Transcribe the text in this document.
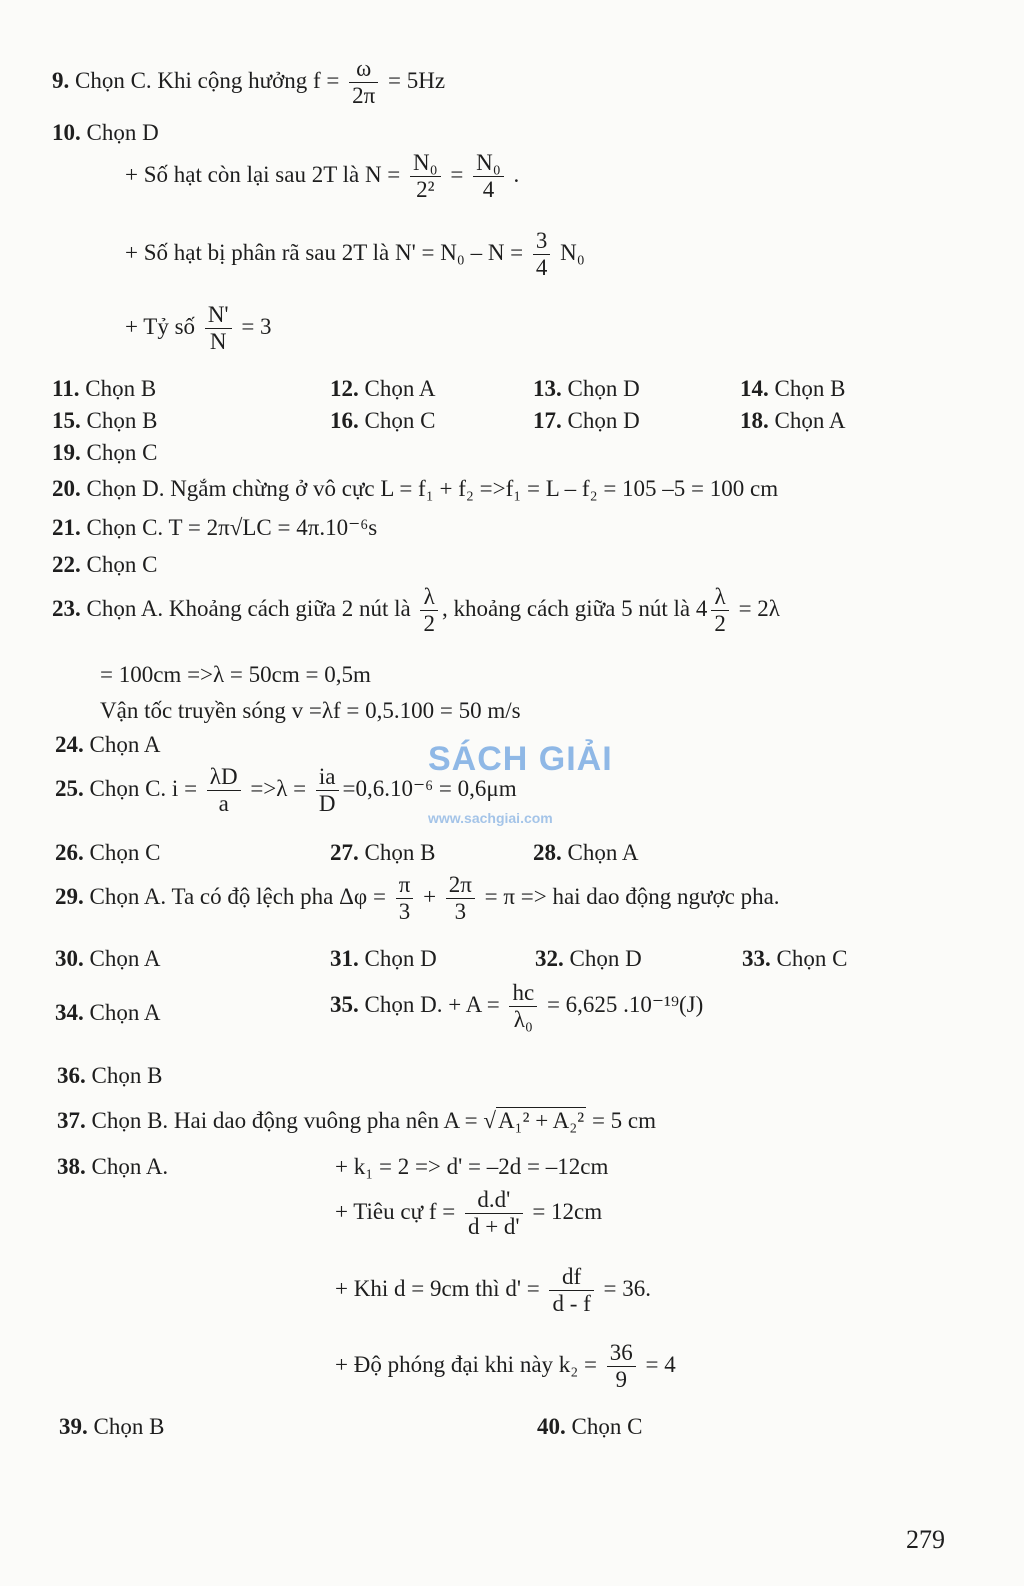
9. Chọn C. Khi cộng hưởng $f = \frac{\omega}{2\pi} = 5Hz$
10. Chọn D
+ Số hạt còn lại sau 2T là $N = \frac{\text{N₀}}{\text{2²}} = \frac{\text{N₀}}{4}$ .
+ Số hạt bị phân rã sau 2T là $N' = N_0 - N = \frac{3}{4} N_0$
+ Tỷ số $\frac{N'}{N} = 3$
11. Chọn B	12. Chọn A	13. Chọn D	14. Chọn B
15. Chọn B	16. Chọn C	17. Chọn D	18. Chọn A
19. Chọn C
20. Chọn D. Ngắm chừng ở vô cực L = f₁ + f₂ =>f₁ = L – f₂ = 105 –5 = 100 cm
21. Chọn C. T = 2π√LC = 4π.10⁻⁶s
22. Chọn C
23. Chọn A. Khoảng cách giữa 2 nút là $\frac{\lambda}{2}$ , khoảng cách giữa 5 nút là $4 \frac{\lambda}{2} = 2\lambda$
= 100cm =>λ = 50cm = 0,5m
Vận tốc truyền sóng v =λf = 0,5.100 = 50 m/s
24. Chọn A
25. Chọn C. $i = \frac{\lambda D}{a} =>\lambda = \frac{ia}{D} =0,6.10^{-6} = 0,6\mu m$
26. Chọn C	27. Chọn B	28. Chọn A
29. Chọn A. Ta có độ lệch pha $\Delta\varphi = \frac{\pi}{3} + \frac{2\pi}{3} = \pi$ => hai dao động ngược pha.
30. Chọn A	31. Chọn D	32. Chọn D	33. Chọn C
34. Chọn A	35. Chọn D. + $A = \frac{hc}{\text{λ₀}} = 6,625$ .10⁻¹⁹(J)
36. Chọn B
37. Chọn B. Hai dao động vuông pha nên A = √A₁² + A₂² = 5 cm
38. Chọn A.	+ k₁ = 2 => d' = –2d = –12cm
+ Tiêu cự $f = \frac{d.d'}{d + d'} = 12cm$
+ Khi d = 9cm thì $d' = \frac{df}{d - f} = 36$.
+ Độ phóng đại khi này $k_2 = \frac{36}{9} = 4$
39. Chọn B	40. Chọn C
SÁCH GIẢI
www.sachgiai.com
279
